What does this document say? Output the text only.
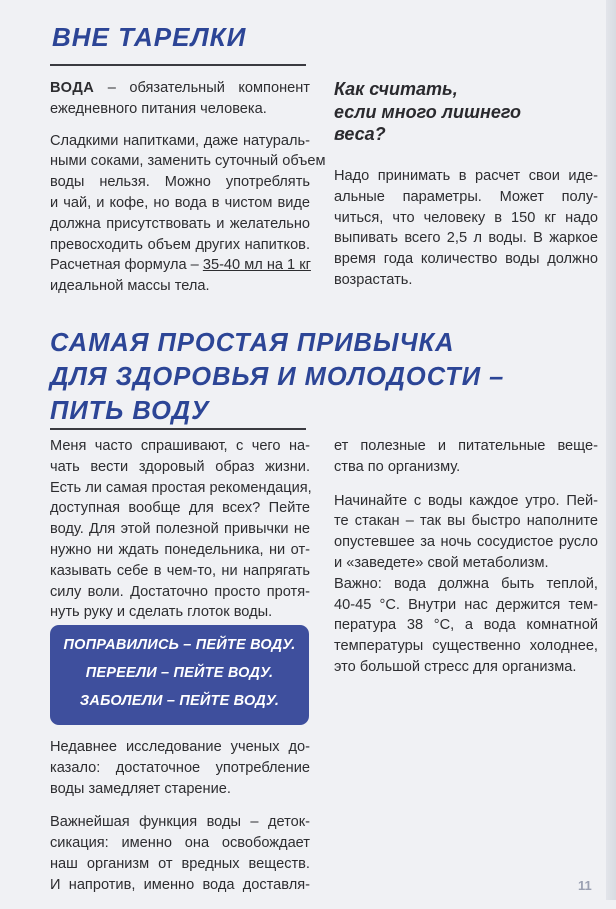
ВНЕ ТАРЕЛКИ

ВОДА – обязательный компонент
ежедневного питания человека.

Сладкими напитками, даже натураль-
ными соками, заменить суточный объем
воды нельзя. Можно употреблять
и чай, и кофе, но вода в чистом виде
должна присутствовать и желательно
превосходить объем других напитков.
Расчетная формула – 35-40 мл на 1 кг
идеальной массы тела.

Как считать,
если много лишнего
веса?

Надо принимать в расчет свои иде-
альные параметры. Может полу-
читься, что человеку в 150 кг надо
выпивать всего 2,5 л воды. В жаркое
время года количество воды должно
возрастать.

САМАЯ ПРОСТАЯ ПРИВЫЧКА
ДЛЯ ЗДОРОВЬЯ И МОЛОДОСТИ –
ПИТЬ ВОДУ

Меня часто спрашивают, с чего на-
чать вести здоровый образ жизни.
Есть ли самая простая рекомендация,
доступная вообще для всех? Пейте
воду. Для этой полезной привычки не
нужно ни ждать понедельника, ни от-
казывать себе в чем-то, ни напрягать
силу воли. Достаточно просто протя-
нуть руку и сделать глоток воды.

ПОПРАВИЛИСЬ – ПЕЙТЕ ВОДУ.
ПЕРЕЕЛИ – ПЕЙТЕ ВОДУ.
ЗАБОЛЕЛИ – ПЕЙТЕ ВОДУ.

Недавнее исследование ученых до-
казало: достаточное употребление
воды замедляет старение.

Важнейшая функция воды – деток-
сикация: именно она освобождает
наш организм от вредных веществ.
И напротив, именно вода доставля-

ет полезные и питательные веще-
ства по организму.

Начинайте с воды каждое утро. Пей-
те стакан – так вы быстро наполните
опустевшее за ночь сосудистое русло
и «заведете» свой метаболизм.
Важно: вода должна быть теплой,
40-45 °С. Внутри нас держится тем-
пература 38 °С, а вода комнатной
температуры существенно холоднее,
это большой стресс для организма.

11
